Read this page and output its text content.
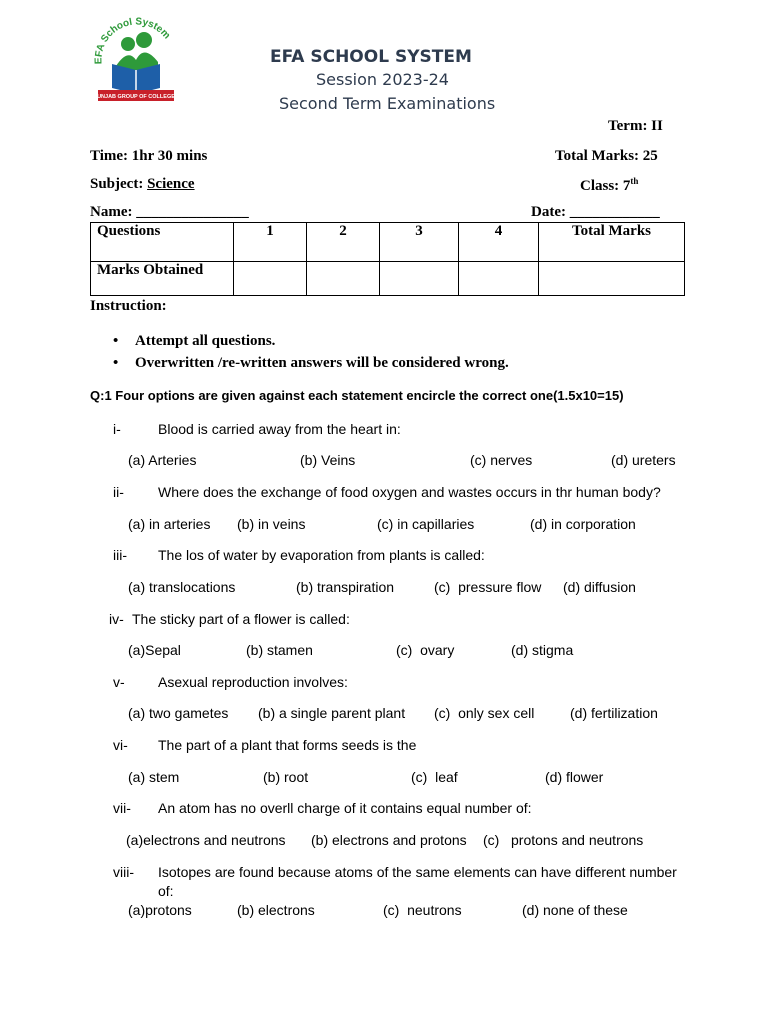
EFA School System
PUNJAB GROUP OF COLLEGES
EFA SCHOOL SYSTEM
Session 2023-24
Second Term Examinations
Term: II
Time: 1hr 30 mins	Total Marks: 25
Subject: Science	Class: 7th
Name: _______________	Date: ____________
Questions	1	2	3	4	Total Marks
Marks Obtained					
Instruction:
• Attempt all questions.
• Overwritten /re-written answers will be considered wrong.
Q:1 Four options are given against each statement encircle the correct one(1.5x10=15)
i-	Blood is carried away from the heart in:
(a) Arteries	(b) Veins	(c) nerves	(d) ureters
ii- Where does the exchange of food oxygen and wastes occurs in thr human body?
(a) in arteries (b) in veins	(c) in capillaries	(d) in corporation
iii- The los of water by evaporation from plants is called:
(a) translocations	(b) transpiration	(c)  pressure flow (d) diffusion
iv- The sticky part of a flower is called:
(a)Sepal	(b) stamen	(c)  ovary	(d) stigma
v- Asexual reproduction involves:
(a) two gametes (b) a single parent plant (c)  only sex cell	(d) fertilization
vi- The part of a plant that forms seeds is the
(a) stem	(b) root	(c)  leaf	(d) flower
vii- An atom has no overll charge of it contains equal number of:
(a)electrons and neutrons (b) electrons and protons (c)   protons and neutrons
viii- Isotopes are found because atoms of the same elements can have different number
of:
(a)protons	(b) electrons	(c)  neutrons	(d) none of these
